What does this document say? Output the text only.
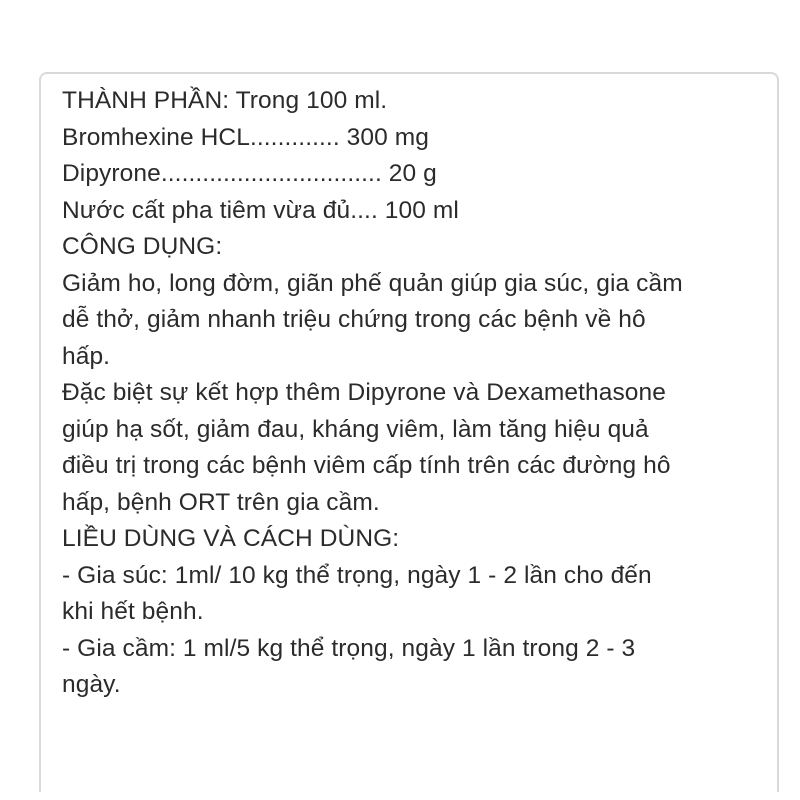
THÀNH PHẦN: Trong 100 ml.
Bromhexine HCL............. 300 mg
Dipyrone................................ 20 g
Nước cất pha tiêm vừa đủ.... 100 ml
CÔNG DỤNG:
Giảm ho, long đờm, giãn phế quản giúp gia súc, gia cầm
dễ thở, giảm nhanh triệu chứng trong các bệnh về hô
hấp.
Đặc biệt sự kết hợp thêm Dipyrone và Dexamethasone
giúp hạ sốt, giảm đau, kháng viêm, làm tăng hiệu quả
điều trị trong các bệnh viêm cấp tính trên các đường hô
hấp, bệnh ORT trên gia cầm.
LIỀU DÙNG VÀ CÁCH DÙNG:
- Gia súc: 1ml/ 10 kg thể trọng, ngày 1 - 2 lần cho đến
khi hết bệnh.
- Gia cầm: 1 ml/5 kg thể trọng, ngày 1 lần trong 2 - 3
ngày.
